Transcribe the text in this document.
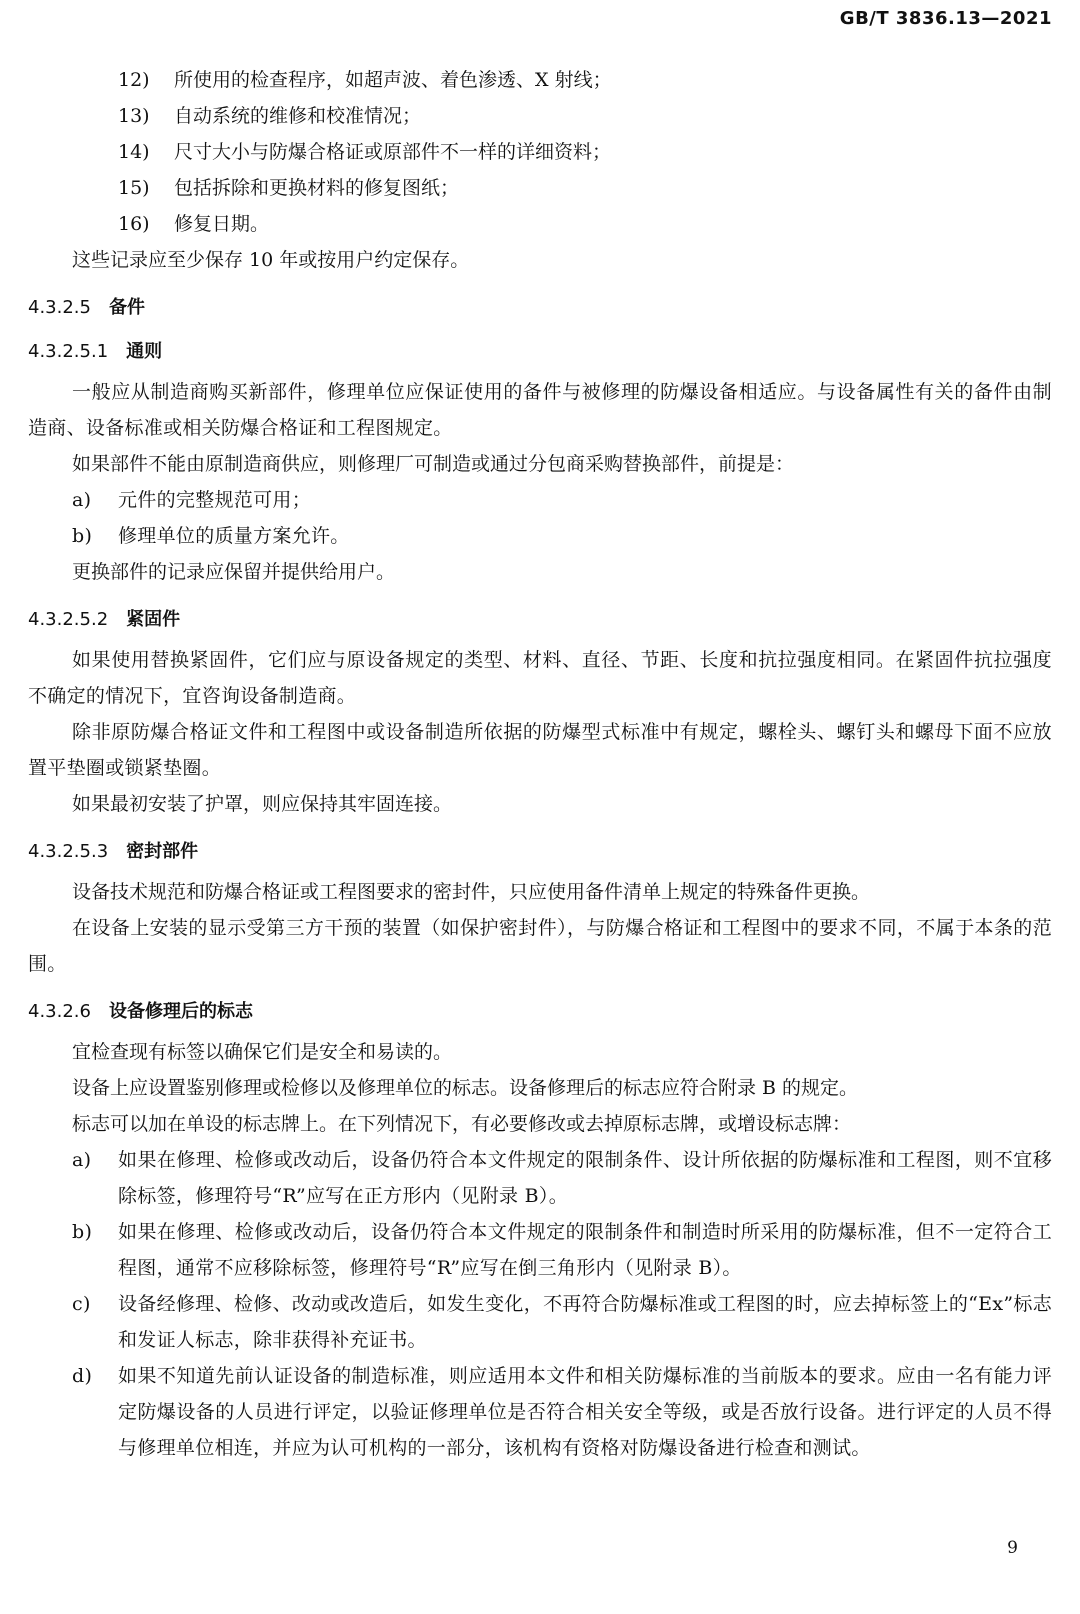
GB/T 3836.13—2021
12) 所使用的检查程序，如超声波、着色渗透、X 射线；
13) 自动系统的维修和校准情况；
14) 尺寸大小与防爆合格证或原部件不一样的详细资料；
15) 包括拆除和更换材料的修复图纸；
16) 修复日期。
这些记录应至少保存 10 年或按用户约定保存。
4.3.2.5 备件
4.3.2.5.1 通则
一般应从制造商购买新部件，修理单位应保证使用的备件与被修理的防爆设备相适应。与设备属性有关的备件由制造商、设备标准或相关防爆合格证和工程图规定。
如果部件不能由原制造商供应，则修理厂可制造或通过分包商采购替换部件，前提是：
a) 元件的完整规范可用；
b) 修理单位的质量方案允许。
更换部件的记录应保留并提供给用户。
4.3.2.5.2 紧固件
如果使用替换紧固件，它们应与原设备规定的类型、材料、直径、节距、长度和抗拉强度相同。在紧固件抗拉强度不确定的情况下，宜咨询设备制造商。
除非原防爆合格证文件和工程图中或设备制造所依据的防爆型式标准中有规定，螺栓头、螺钉头和螺母下面不应放置平垫圈或锁紧垫圈。
如果最初安装了护罩，则应保持其牢固连接。
4.3.2.5.3 密封部件
设备技术规范和防爆合格证或工程图要求的密封件，只应使用备件清单上规定的特殊备件更换。
在设备上安装的显示受第三方干预的装置（如保护密封件），与防爆合格证和工程图中的要求不同，不属于本条的范围。
4.3.2.6 设备修理后的标志
宜检查现有标签以确保它们是安全和易读的。
设备上应设置鉴别修理或检修以及修理单位的标志。设备修理后的标志应符合附录 B 的规定。
标志可以加在单设的标志牌上。在下列情况下，有必要修改或去掉原标志牌，或增设标志牌：
a) 如果在修理、检修或改动后，设备仍符合本文件规定的限制条件、设计所依据的防爆标准和工程图，则不宜移除标签，修理符号“R”应写在正方形内（见附录 B）。
b) 如果在修理、检修或改动后，设备仍符合本文件规定的限制条件和制造时所采用的防爆标准，但不一定符合工程图，通常不应移除标签，修理符号“R”应写在倒三角形内（见附录 B）。
c) 设备经修理、检修、改动或改造后，如发生变化，不再符合防爆标准或工程图的时，应去掉标签上的“Ex”标志和发证人标志，除非获得补充证书。
d) 如果不知道先前认证设备的制造标准，则应适用本文件和相关防爆标准的当前版本的要求。应由一名有能力评定防爆设备的人员进行评定，以验证修理单位是否符合相关安全等级，或是否放行设备。进行评定的人员不得与修理单位相连，并应为认可机构的一部分，该机构有资格对防爆设备进行检查和测试。
9
